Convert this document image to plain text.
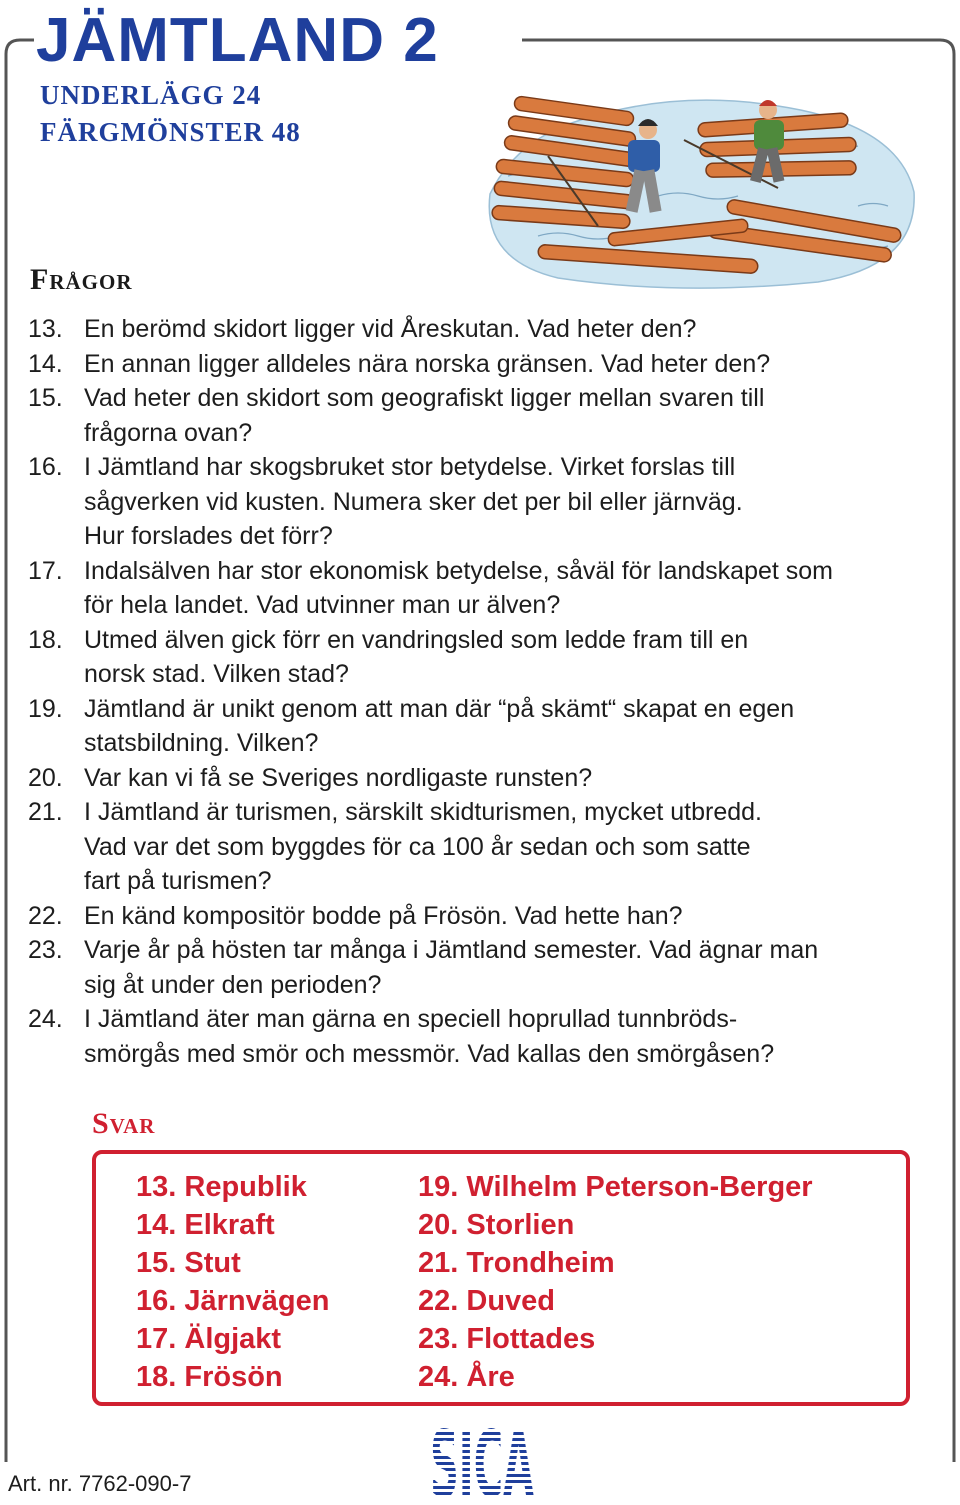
JÄMTLAND 2
UNDERLÄGG 24
FÄRGMÖNSTER 48
Frågor
13. En berömd skidort ligger vid Åreskutan. Vad heter den?
14. En annan ligger alldeles nära norska gränsen. Vad heter den?
15. Vad heter den skidort som geografiskt ligger mellan svaren till
frågorna ovan?
16. I Jämtland har skogsbruket stor betydelse. Virket forslas till
sågverken vid kusten. Numera sker det per bil eller järnväg.
Hur forslades det förr?
17. Indalsälven har stor ekonomisk betydelse, såväl för landskapet som
för hela landet. Vad utvinner man ur älven?
18. Utmed älven gick förr en vandringsled som ledde fram till en
norsk stad. Vilken stad?
19. Jämtland är unikt genom att man där “på skämt“ skapat en egen
statsbildning. Vilken?
20. Var kan vi få se Sveriges nordligaste runsten?
21. I Jämtland är turismen, särskilt skidturismen, mycket utbredd.
Vad var det som byggdes för ca 100 år sedan och som satte
fart på turismen?
22. En känd kompositör bodde på Frösön. Vad hette han?
23. Varje år på hösten tar många i Jämtland semester. Vad ägnar man
sig åt under den perioden?
24. I Jämtland äter man gärna en speciell hoprullad tunnbröds-
smörgås med smör och messmör. Vad kallas den smörgåsen?
Svar
13. Republik
14. Elkraft
15. Stut
16. Järnvägen
17. Älgjakt
18. Frösön
19. Wilhelm Peterson-Berger
20. Storlien
21. Trondheim
22. Duved
23. Flottades
24. Åre
SICA
Art. nr. 7762-090-7
